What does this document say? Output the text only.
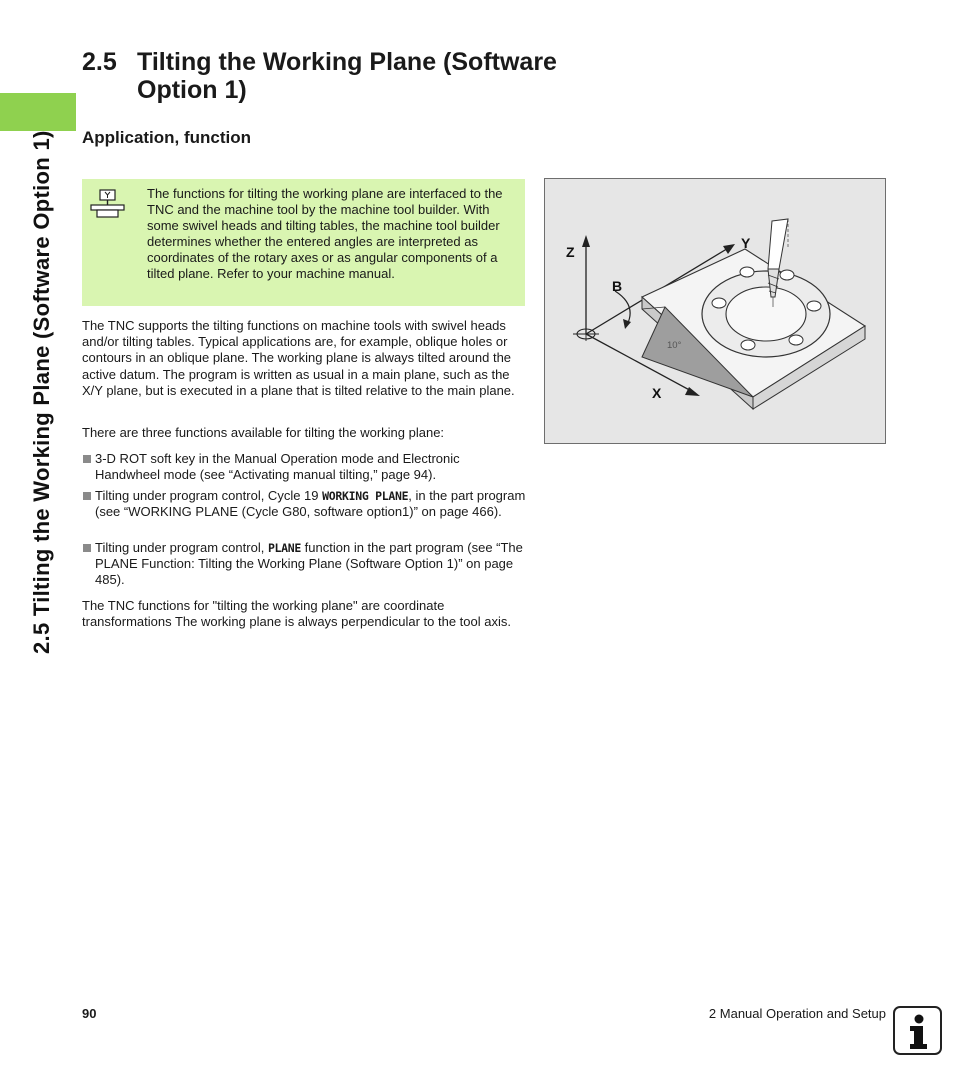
2.5 Tilting the Working Plane (Software Option 1)
2.5 Tilting the Working Plane (Software Option 1)
Application, function
The functions for tilting the working plane are interfaced to the TNC and the machine tool by the machine tool builder. With some swivel heads and tilting tables, the machine tool builder determines whether the entered angles are interpreted as coordinates of the rotary axes or as angular components of a tilted plane. Refer to your machine manual.
The TNC supports the tilting functions on machine tools with swivel heads and/or tilting tables. Typical applications are, for example, oblique holes or contours in an oblique plane. The working plane is always tilted around the active datum. The program is written as usual in a main plane, such as the X/Y plane, but is executed in a plane that is tilted relative to the main plane.
There are three functions available for tilting the working plane:
3-D ROT soft key in the Manual Operation mode and Electronic Handwheel mode (see “Activating manual tilting,” page 94).
Tilting under program control, Cycle 19 WORKING PLANE, in the part program (see “WORKING PLANE (Cycle G80, software option1)” on page 466).
Tilting under program control, PLANE function in the part program (see “The PLANE Function: Tilting the Working Plane (Software Option 1)” on page 485).
The TNC functions for "tilting the working plane" are coordinate transformations The working plane is always perpendicular to the tool axis.
Z
Y
B
X
10°
90	2 Manual Operation and Setup
